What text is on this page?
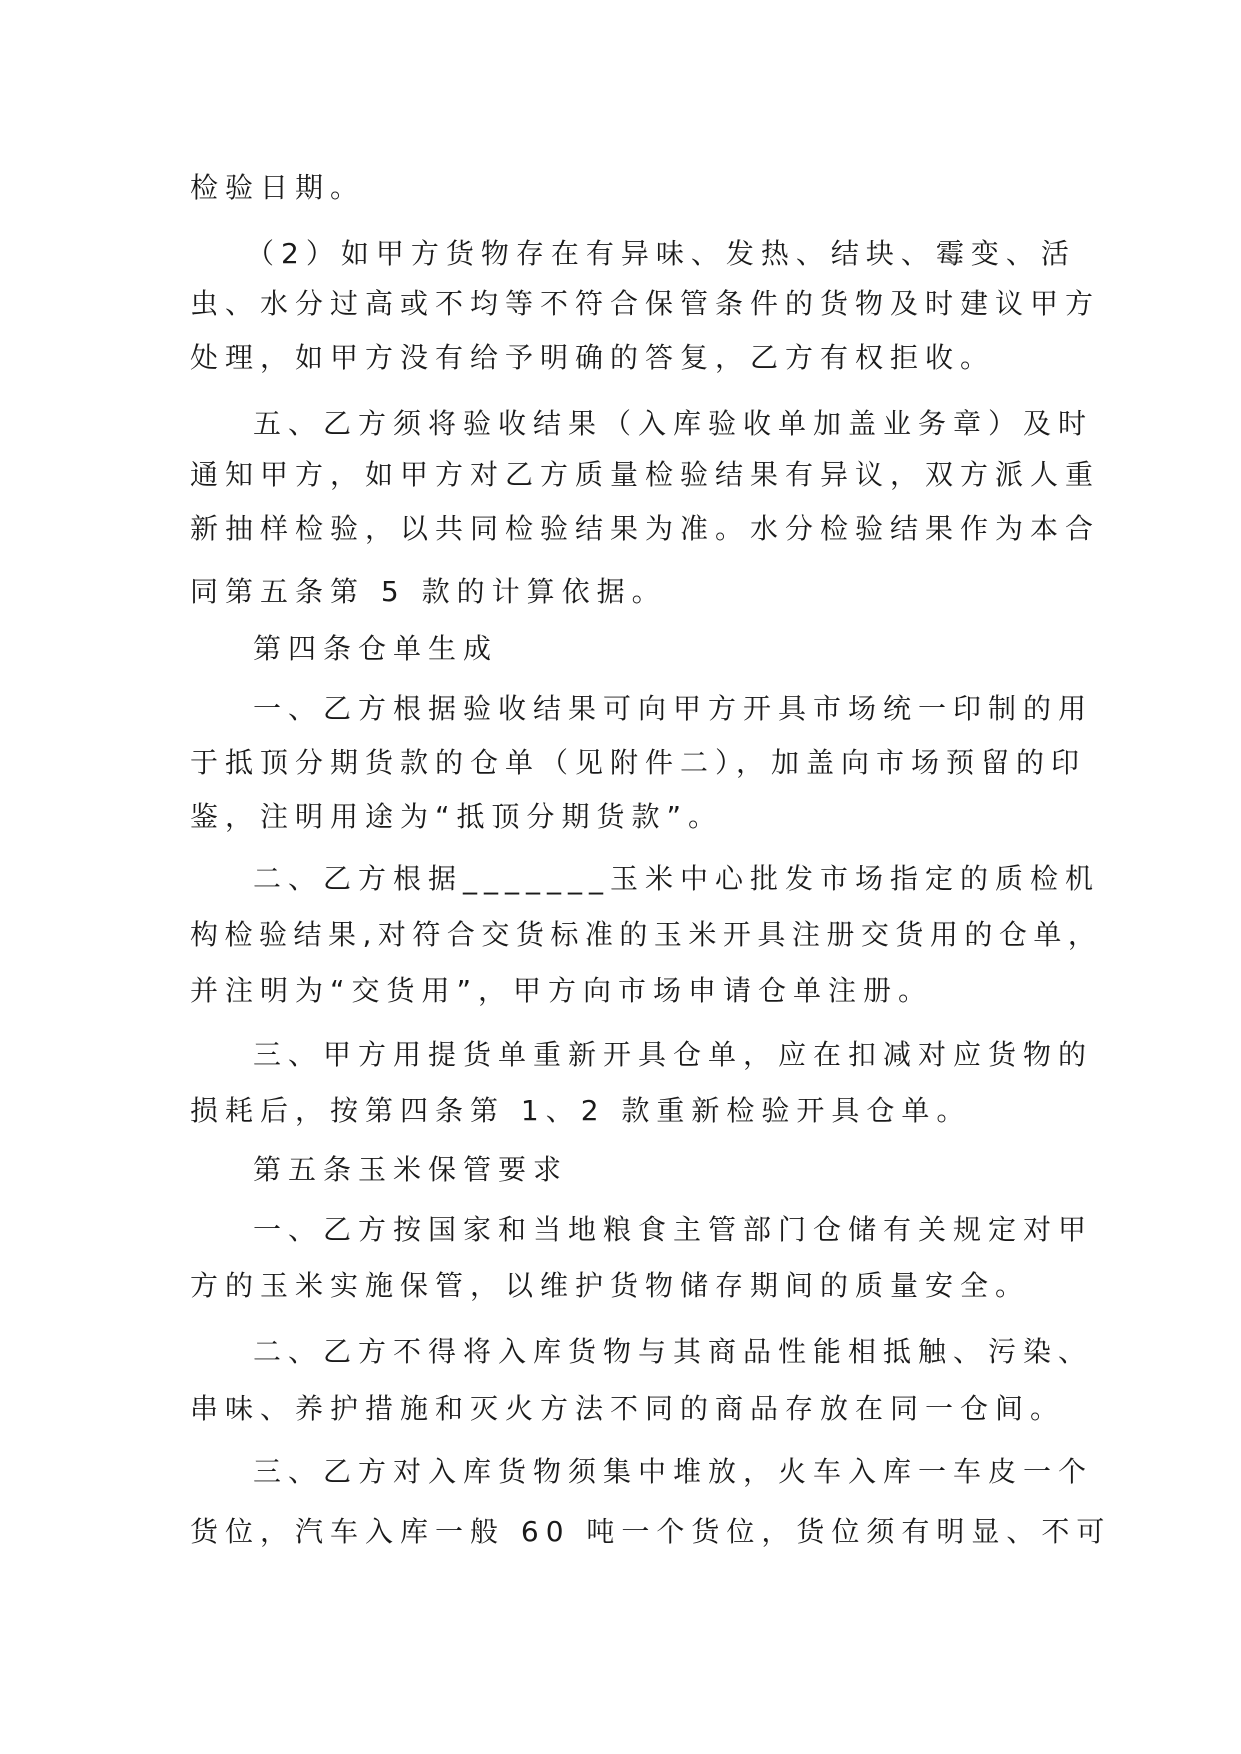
检验日期。
（2）如甲方货物存在有异味、发热、结块、霉变、活
虫、水分过高或不均等不符合保管条件的货物及时建议甲方
处理，如甲方没有给予明确的答复，乙方有权拒收。
五、乙方须将验收结果（入库验收单加盖业务章）及时
通知甲方，如甲方对乙方质量检验结果有异议，双方派人重
新抽样检验，以共同检验结果为准。水分检验结果作为本合
同第五条第 5 款的计算依据。
第四条仓单生成
一、乙方根据验收结果可向甲方开具市场统一印制的用
于抵顶分期货款的仓单（见附件二），加盖向市场预留的印
鉴，注明用途为“抵顶分期货款”。
二、乙方根据_______玉米中心批发市场指定的质检机
构检验结果,对符合交货标准的玉米开具注册交货用的仓单，
并注明为“交货用”，甲方向市场申请仓单注册。
三、甲方用提货单重新开具仓单，应在扣减对应货物的
损耗后，按第四条第 1、2 款重新检验开具仓单。
第五条玉米保管要求
一、乙方按国家和当地粮食主管部门仓储有关规定对甲
方的玉米实施保管，以维护货物储存期间的质量安全。
二、乙方不得将入库货物与其商品性能相抵触、污染、
串味、养护措施和灭火方法不同的商品存放在同一仓间。
三、乙方对入库货物须集中堆放，火车入库一车皮一个
货位，汽车入库一般 60 吨一个货位，货位须有明显、不可
